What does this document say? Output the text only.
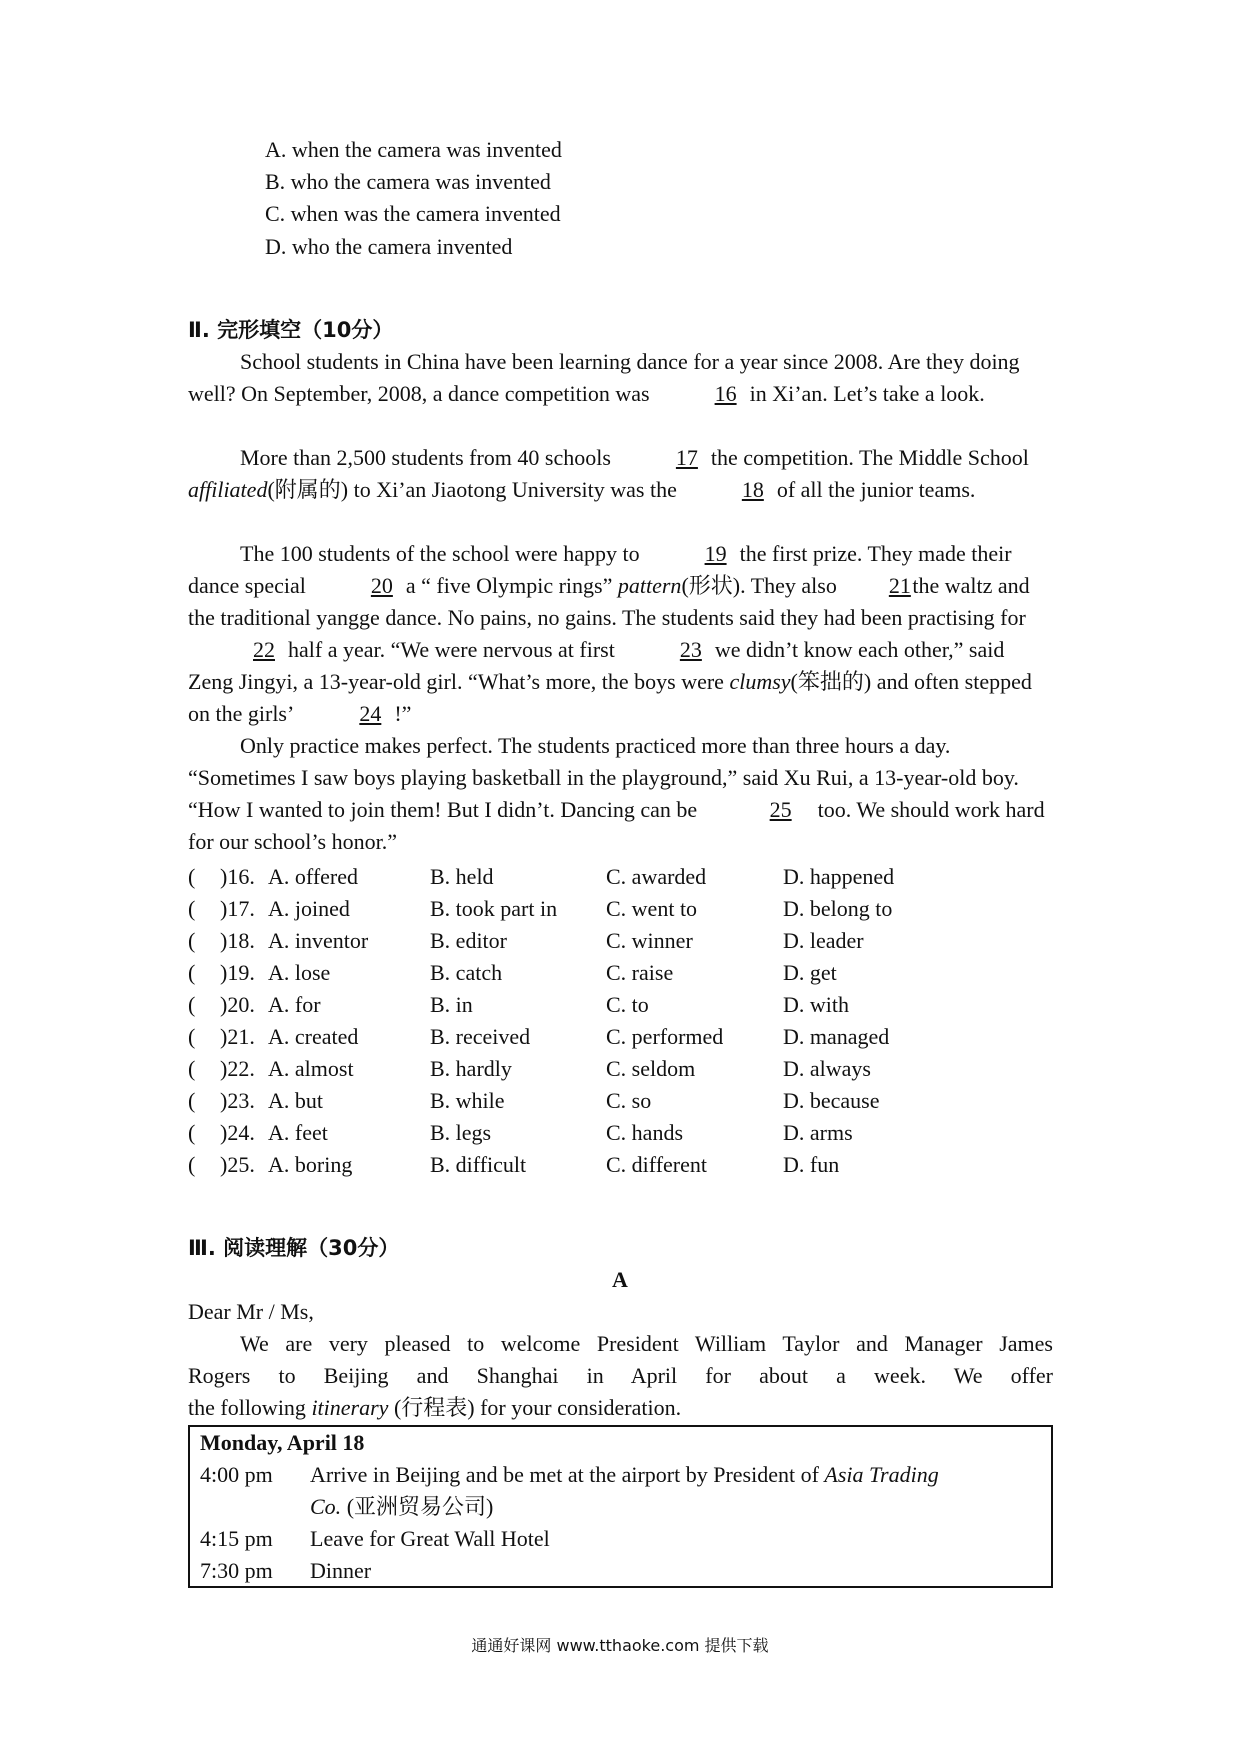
A. when the camera was invented
B. who the camera was invented
C. when was the camera invented
D. who the camera invented
Ⅱ. 完形填空（10分）
School students in China have been learning dance for a year since 2008. Are they doing well? On September, 2008, a dance competition was	16 in Xi’an. Let’s take a look.
More than 2,500 students from 40 schools	17 the competition. The Middle School affiliated(附属的) to Xi’an Jiaotong University was the	18 of all the junior teams.
The 100 students of the school were happy to	19 the first prize. They made their dance special	20 a “ five Olympic rings” pattern(形状). They also 21 the waltz and the traditional yangge dance. No pains, no gains. The students said they had been practising for22 half a year. “We were nervous at first	23 we didn’t know each other,” said Zeng Jingyi, a 13-year-old girl. “What’s more, the boys were clumsy(笨拙的) and often stepped on the girls’	24 !”
Only practice makes perfect. The students practiced more than three hours a day. “Sometimes I saw boys playing basketball in the playground,” said Xu Rui, a 13-year-old boy. “How I wanted to join them! But I didn’t. Dancing can be	25 too. We should work hard for our school’s honor.”
( )16. A. offered	B. held	C. awarded	D. happened
( )17. A. joined	B. took part in C. went to	D. belong to
( )18. A. inventor	B. editor	C. winner	D. leader
( )19. A. lose	B. catch	C. raise	D. get
( )20. A. for	B. in	C. to	D. with
( )21. A. created	B. received	C. performed	D. managed
( )22. A. almost	B. hardly	C. seldom	D. always
( )23. A. but	B. while	C. so	D. because
( )24. A. feet	B. legs	C. hands	D. arms
( )25. A. boring	B. difficult	C. different	D. fun
Ⅲ. 阅读理解（30分）
A
Dear Mr / Ms,
We are very pleased to welcome President William Taylor and Manager James
Rogers to Beijing and Shanghai in April for about a week. We offer
the following itinerary (行程表) for your consideration.
Monday, April 18
4:00 pm Arrive in Beijing and be met at the airport by President of Asia Trading
Co. (亚洲贸易公司)
4:15 pm Leave for Great Wall Hotel
7:30 pm Dinner
通通好课网 www.tthaoke.com 提供下载
